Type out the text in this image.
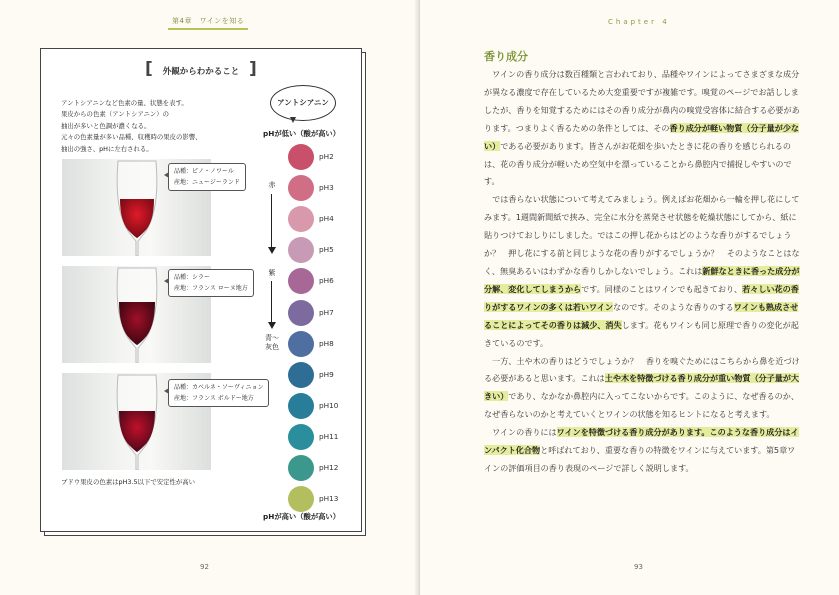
第4章　ワインを知る
[	外観からわかること ]
アントシアニンなど色素の量、状態を表す。
果皮からの色素（アントシアニン）の
抽出が多いと色調が濃くなる。
元々の色素量が多い品種、収穫時の果皮の影響、
抽出の強さ、pHに左右される。
品種：ピノ・ノワール
産地：ニュージーランド
品種：シラー
産地：フランス ローヌ地方
品種：カベルネ・ソーヴィニョン
産地：フランス ボルドー地方
ブドウ果皮の色素はpH3.5以下で安定性が高い
アントシアニン
pHが低い（酸が高い）
pH2
pH3
pH4
pH5
pH6
pH7
pH8
pH9
pH10
pH11
pH12
pH13
赤
紫
青〜灰色
pHが高い（酸が高い）
92
Chapter 4
香り成分

ワインの香り成分は数百種類と言われており、品種やワインによってさまざまな成分が異なる濃度で存在しているため大変重要ですが複雑です。嗅覚のページでお話ししましたが、香りを知覚するためにはその香り成分が鼻内の嗅覚受容体に結合する必要があります。つまりよく香るための条件としては、その香り成分が軽い物質（分子量が少ない）である必要があります。皆さんがお花畑を歩いたときに花の香りを感じられるのは、花の香り成分が軽いため空気中を漂っていることから鼻腔内で捕捉しやすいのです。

では香らない状態について考えてみましょう。例えばお花畑から一輪を押し花にしてみます。1週間新聞紙で挟み、完全に水分を蒸発させ状態を乾燥状態にしてから、紙に貼りつけておしりにしました。ではこの押し花からはどのような香りがするでしょうか？　押し花にする前と同じような花の香りがするでしょうか？　そのようなことはなく、無臭あるいはわずかな香りしかしないでしょう。これは新鮮なときに香った成分が分解、変化してしまうからです。同様のことはワインでも起きており、若々しい花の香りがするワインの多くは若いワインなのです。そのような香りのするワインも熟成させることによってその香りは減少、消失します。花もワインも同じ原理で香りの変化が起きているのです。

一方、土や木の香りはどうでしょうか？　香りを嗅ぐためにはこちらから鼻を近づける必要があると思います。これは土や木を特徴づける香り成分が重い物質（分子量が大きい）であり、なかなか鼻腔内に入ってこないからです。このように、なぜ香るのか、なぜ香らないのかと考えていくとワインの状態を知るヒントになると考えます。

ワインの香りにはワインを特徴づける香り成分があります。このような香り成分はインパクト化合物と呼ばれており、重要な香りの特徴をワインに与えています。第5章ワインの評価項目の香り表現のページで詳しく説明します。

93
